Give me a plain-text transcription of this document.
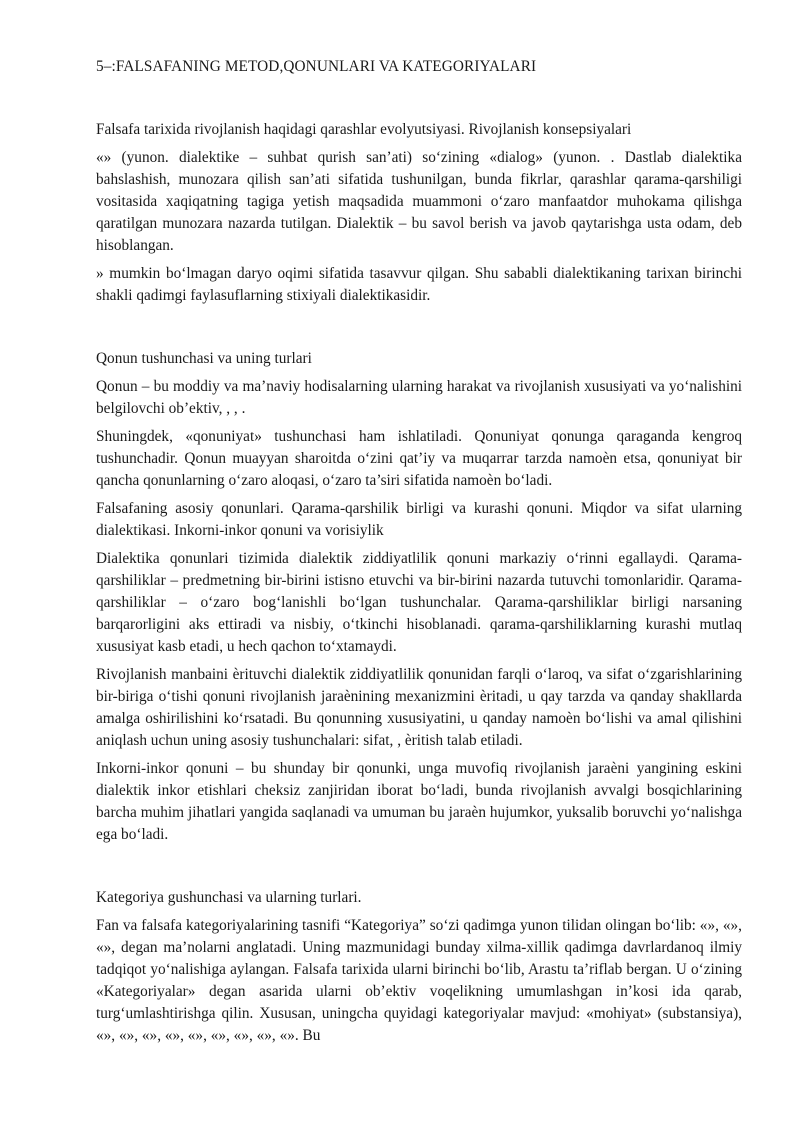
5–:FALSAFANING METOD,QONUNLARI VA KATEGORIYALARI
Falsafa tarixida rivojlanish haqidagi qarashlar evolyutsiyasi. Rivojlanish konsepsiyalari

«» (yunon. dialektike – suhbat qurish san’ati) so‘zining «dialog» (yunon. . Dastlab dialektika bahslashish, munozara qilish san’ati sifatida tushunilgan, bunda fikrlar, qarashlar qarama-qarshiligi vositasida xaqiqatning tagiga yetish maqsadida muammoni o‘zaro manfaatdor muhokama qilishga qaratilgan munozara nazarda tutilgan. Dialektik – bu savol berish va javob qaytarishga usta odam, deb hisoblangan.

» mumkin bo‘lmagan daryo oqimi sifatida tasavvur qilgan. Shu sababli dialektikaning tarixan birinchi shakli qadimgi faylasuflarning stixiyali dialektikasidir.

Qonun tushunchasi va uning turlari

Qonun – bu moddiy va ma’naviy hodisalarning ularning harakat va rivojlanish xususiyati va yo‘nalishini belgilovchi ob’ektiv, , , .

Shuningdek, «qonuniyat» tushunchasi ham ishlatiladi. Qonuniyat qonunga qaraganda kengroq tushunchadir. Qonun muayyan sharoitda o‘zini qat’iy va muqarrar tarzda namoèn etsa, qonuniyat bir qancha qonunlarning o‘zaro aloqasi, o‘zaro ta’siri sifatida namoèn bo‘ladi.

Falsafaning asosiy qonunlari. Qarama-qarshilik birligi va kurashi qonuni. Miqdor va sifat ularning dialektikasi. Inkorni-inkor qonuni va vorisiylik

Dialektika qonunlari tizimida dialektik ziddiyatlilik qonuni markaziy o‘rinni egallaydi. Qarama-qarshiliklar – predmetning bir-birini istisno etuvchi va bir-birini nazarda tutuvchi tomonlaridir. Qarama-qarshiliklar – o‘zaro bog‘lanishli bo‘lgan tushunchalar. Qarama-qarshiliklar birligi narsaning barqarorligini aks ettiradi va nisbiy, o‘tkinchi hisoblanadi. qarama-qarshiliklarning kurashi mutlaq xususiyat kasb etadi, u hech qachon to‘xtamaydi.

Rivojlanish manbaini èrituvchi dialektik ziddiyatlilik qonunidan farqli o‘laroq, va sifat o‘zgarishlarining bir-biriga o‘tishi qonuni rivojlanish jaraènining mexanizmini èritadi, u qay tarzda va qanday shakllarda amalga oshirilishini ko‘rsatadi. Bu qonunning xususiyatini, u qanday namoèn bo‘lishi va amal qilishini aniqlash uchun uning asosiy tushunchalari: sifat, , èritish talab etiladi.

Inkorni-inkor qonuni – bu shunday bir qonunki, unga muvofiq rivojlanish jaraèni yangining eskini dialektik inkor etishlari cheksiz zanjiridan iborat bo‘ladi, bunda rivojlanish avvalgi bosqichlarining barcha muhim jihatlari yangida saqlanadi va umuman bu jaraèn hujumkor, yuksalib boruvchi yo‘nalishga ega bo‘ladi.

Kategoriya gushunchasi va ularning turlari.

Fan va falsafa kategoriyalarining tasnifi “Kategoriya” so‘zi qadimga yunon tilidan olingan bo‘lib: «», «», «», degan ma’nolarni anglatadi. Uning mazmunidagi bunday xilma-xillik qadimga davrlardanoq ilmiy tadqiqot yo‘nalishiga aylangan. Falsafa tarixida ularni birinchi bo‘lib, Arastu ta’riflab bergan. U o‘zining «Kategoriyalar» degan asarida ularni ob’ektiv voqelikning umumlashgan in’kosi ida qarab, turg‘umlashtirishga qilin. Xususan, uningcha quyidagi kategoriyalar mavjud: «mohiyat» (substansiya), «», «», «», «», «», «», «», «», «». Bu
